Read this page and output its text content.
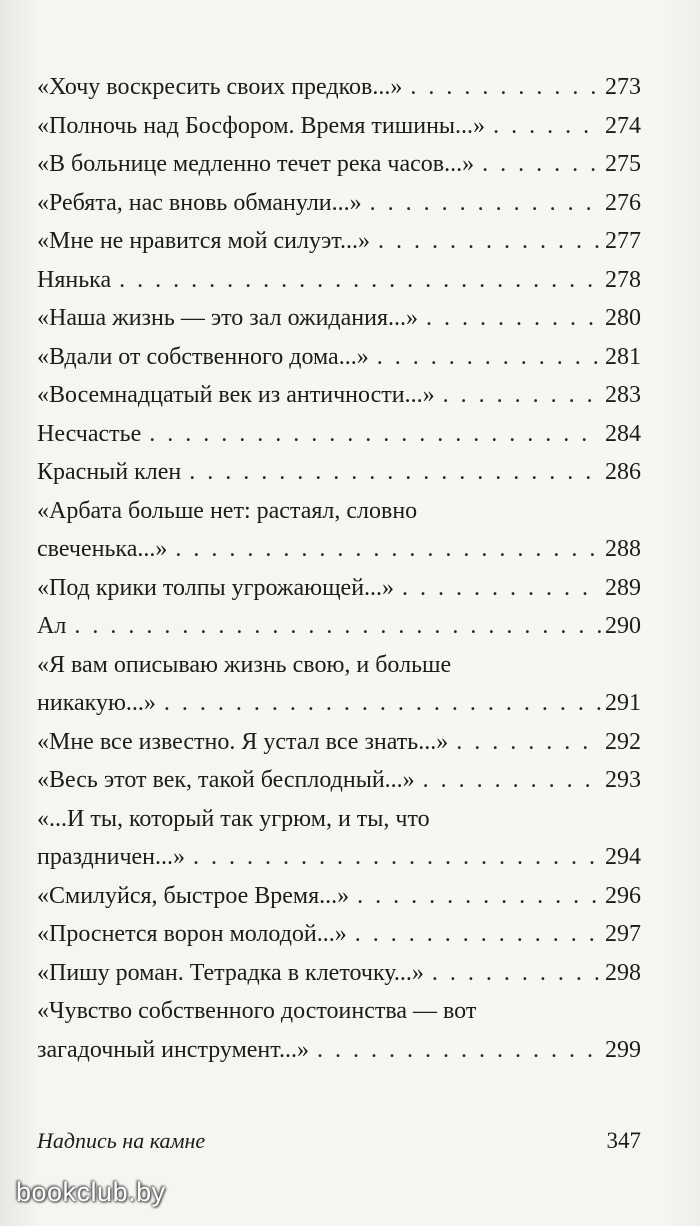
«Хочу воскресить своих предков...» . . .	273
«Полночь над Босфором. Время тишины...» . . .	274
«В больнице медленно течет река часов...» . . .	275
«Ребята, нас вновь обманули...» . . .	276
«Мне не нравится мой силуэт...» . . .	277
Нянька . . .	278
«Наша жизнь — это зал ожидания...» . . .	280
«Вдали от собственного дома...» . . .	281
«Восемнадцатый век из античности...» . . .	283
Несчастье . . .	284
Красный клен . . .	286
«Арбата больше нет: растаял, словно
свеченька...» . . .	288
«Под крики толпы угрожающей...» . . .	289
Ал . . .	290
«Я вам описываю жизнь свою, и больше
никакую...» . . .	291
«Мне все известно. Я устал все знать...» . . .	292
«Весь этот век, такой бесплодный...» . . .	293
«...И ты, который так угрюм, и ты, что
праздничен...» . . .	294
«Смилуйся, быстрое Время...» . . .	296
«Проснется ворон молодой...» . . .	297
«Пишу роман. Тетрадка в клеточку...» . . .	298
«Чувство собственного достоинства — вот
загадочный инструмент...» . . .	299
Надпись на камне	347
bookclub.by
